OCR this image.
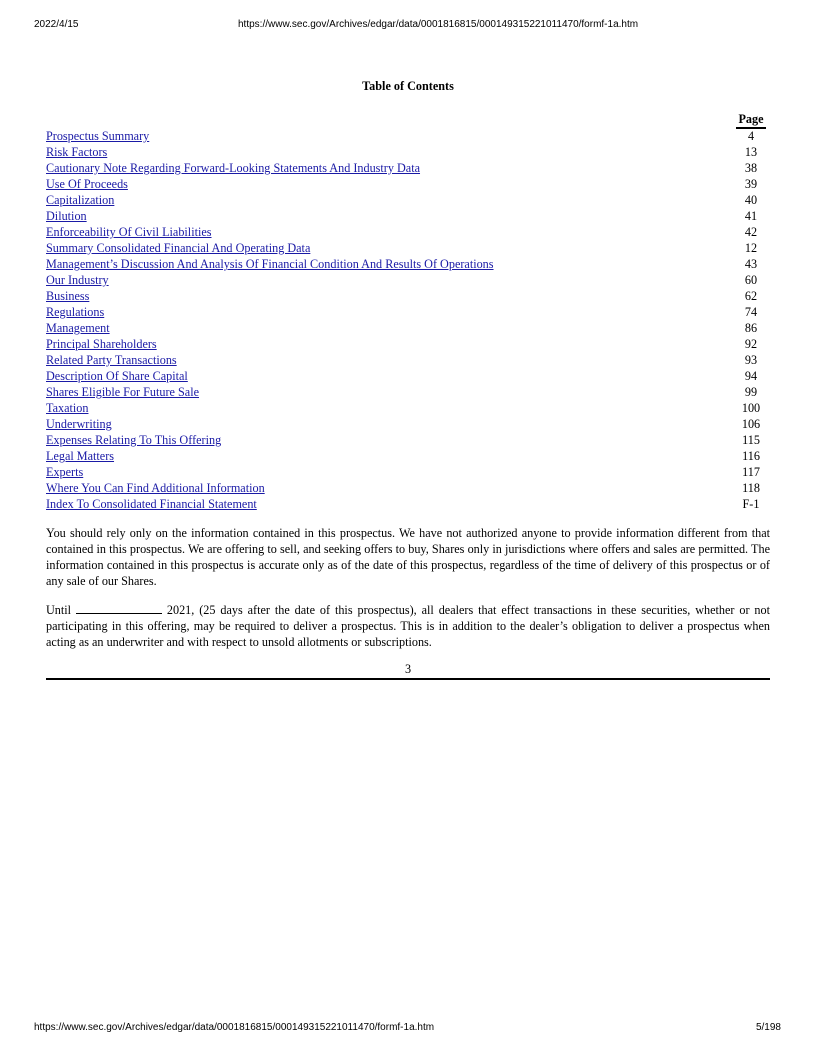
2022/4/15	https://www.sec.gov/Archives/edgar/data/0001816815/000149315221011470/formf-1a.htm

Table of Contents

Page
Prospectus Summary	4
Risk Factors	13
Cautionary Note Regarding Forward-Looking Statements And Industry Data	38
Use Of Proceeds	39
Capitalization	40
Dilution	41
Enforceability Of Civil Liabilities	42
Summary Consolidated Financial And Operating Data	12
Management’s Discussion And Analysis Of Financial Condition And Results Of Operations	43
Our Industry	60
Business	62
Regulations	74
Management	86
Principal Shareholders	92
Related Party Transactions	93
Description Of Share Capital	94
Shares Eligible For Future Sale	99
Taxation	100
Underwriting	106
Expenses Relating To This Offering	115
Legal Matters	116
Experts	117
Where You Can Find Additional Information	118
Index To Consolidated Financial Statement	F-1

You should rely only on the information contained in this prospectus. We have not authorized anyone to provide information different from that contained in this prospectus. We are offering to sell, and seeking offers to buy, Shares only in jurisdictions where offers and sales are permitted. The information contained in this prospectus is accurate only as of the date of this prospectus, regardless of the time of delivery of this prospectus or of any sale of our Shares.

Until	2021, (25 days after the date of this prospectus), all dealers that effect transactions in these securities, whether or not participating in this offering, may be required to deliver a prospectus. This is in addition to the dealer’s obligation to deliver a prospectus when acting as an underwriter and with respect to unsold allotments or subscriptions.

3
https://www.sec.gov/Archives/edgar/data/0001816815/000149315221011470/formf-1a.htm	5/198
